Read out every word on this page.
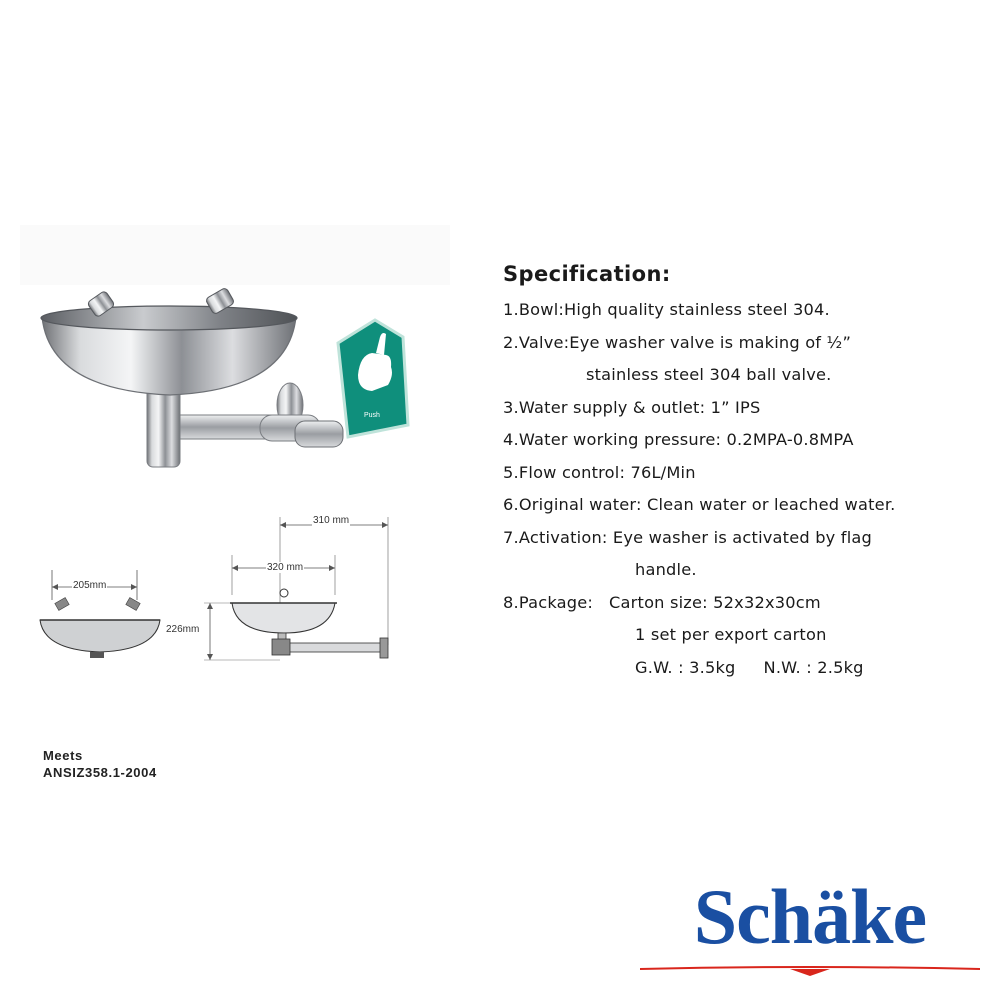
Push
310 mm
320 mm
205mm
226mm
Specification:
1.Bowl:High quality stainless steel 304.
2.Valve:Eye washer valve is making of ½”
stainless steel 304 ball valve.
3.Water supply & outlet: 1” IPS
4.Water working pressure: 0.2MPA-0.8MPA
5.Flow control: 76L/Min
6.Original water: Clean water or leached water.
7.Activation: Eye washer is activated by flag
handle.
8.Package:   Carton size: 52x32x30cm
1 set per export carton
G.W. : 3.5kg N.W. : 2.5kg
Meets
ANSIZ358.1-2004
Schäke
